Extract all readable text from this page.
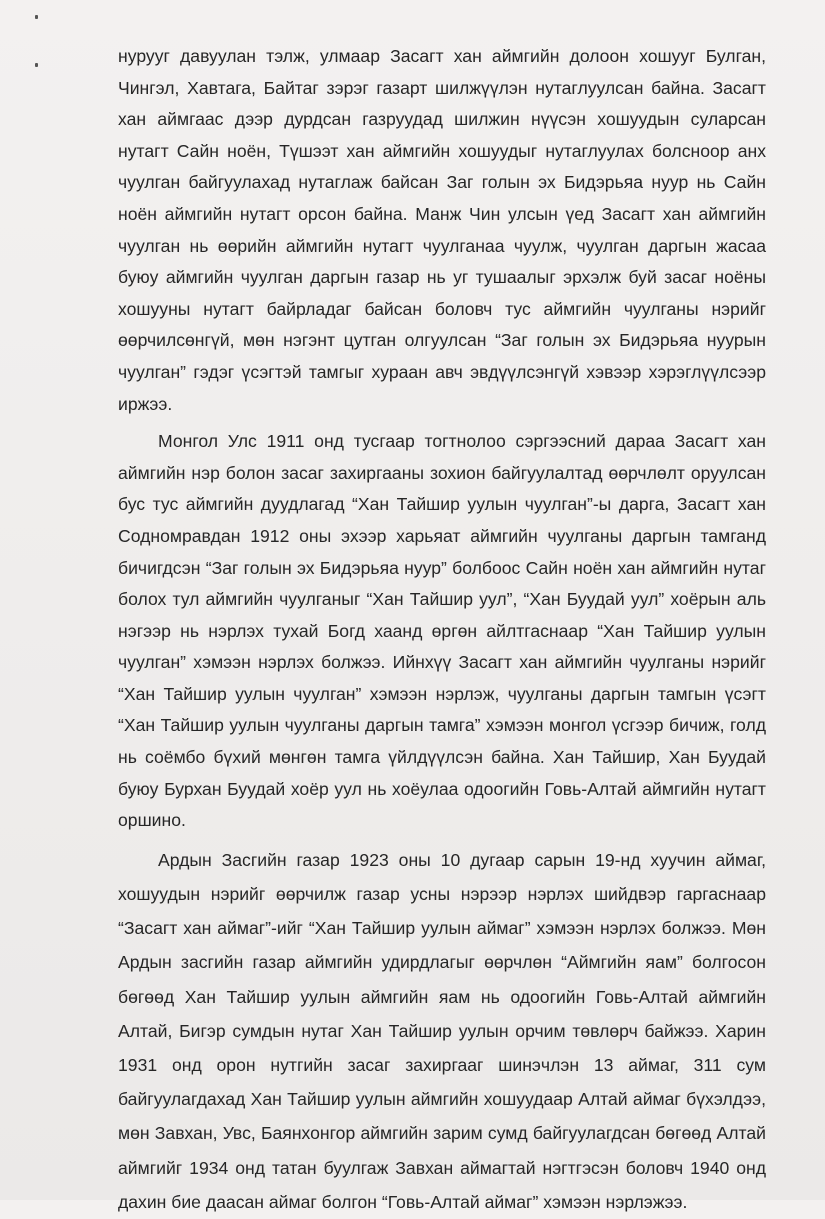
нурууг давуулан тэлж, улмаар Засагт хан аймгийн долоон хошууг Булган, Чингэл, Хавтага, Байтаг зэрэг газарт шилжүүлэн нутаглуулсан байна. Засагт хан аймгаас дээр дурдсан газруудад шилжин нүүсэн хошуудын суларсан нутагт Сайн ноён, Түшээт хан аймгийн хошуудыг нутаглуулах болсноор анх чуулган байгуулахад нутаглаж байсан Заг голын эх Бидэрьяа нуур нь Сайн ноён аймгийн нутагт орсон байна. Манж Чин улсын үед Засагт хан аймгийн чуулган нь өөрийн аймгийн нутагт чуулганаа чуулж, чуулган даргын жасаа буюу аймгийн чуулган даргын газар нь уг тушаалыг эрхэлж буй засаг ноёны хошууны нутагт байрладаг байсан боловч тус аймгийн чуулганы нэрийг өөрчилсөнгүй, мөн нэгэнт цутган олгуулсан “Заг голын эх Бидэрьяа нуурын чуулган” гэдэг үсэгтэй тамгыг хураан авч эвдүүлсэнгүй хэвээр хэрэглүүлсээр иржээ.

Монгол Улс 1911 онд тусгаар тогтнолоо сэргээсний дараа Засагт хан аймгийн нэр болон засаг захиргааны зохион байгуулалтад өөрчлөлт оруулсан бус тус аймгийн дуудлагад “Хан Тайшир уулын чуулган”-ы дарга, Засагт хан Содномравдан 1912 оны эхээр харьяат аймгийн чуулганы даргын тамганд бичигдсэн “Заг голын эх Бидэрьяа нуур” болбоос Сайн ноён хан аймгийн нутаг болох тул аймгийн чуулганыг “Хан Тайшир уул”, “Хан Буудай уул” хоёрын аль нэгээр нь нэрлэх тухай Богд хаанд өргөн айлтгаснаар “Хан Тайшир уулын чуулган” хэмээн нэрлэх болжээ. Ийнхүү Засагт хан аймгийн чуулганы нэрийг “Хан Тайшир уулын чуулган” хэмээн нэрлэж, чуулганы даргын тамгын үсэгт “Хан Тайшир уулын чуулганы даргын тамга” хэмээн монгол үсгээр бичиж, голд нь соёмбо бүхий мөнгөн тамга үйлдүүлсэн байна. Хан Тайшир, Хан Буудай буюу Бурхан Буудай хоёр уул нь хоёулаа одоогийн Говь-Алтай аймгийн нутагт оршино.

Ардын Засгийн газар 1923 оны 10 дугаар сарын 19-нд хуучин аймаг, хошуудын нэрийг өөрчилж газар усны нэрээр нэрлэх шийдвэр гаргаснаар “Засагт хан аймаг”-ийг “Хан Тайшир уулын аймаг” хэмээн нэрлэх болжээ. Мөн Ардын засгийн газар аймгийн удирдлагыг өөрчлөн “Аймгийн яам” болгосон бөгөөд Хан Тайшир уулын аймгийн яам нь одоогийн Говь-Алтай аймгийн Алтай, Бигэр сумдын нутаг Хан Тайшир уулын орчим төвлөрч байжээ. Харин 1931 онд орон нутгийн засаг захиргааг шинэчлэн 13 аймаг, 311 сум байгуулагдахад Хан Тайшир уулын аймгийн хошуудаар Алтай аймаг бүхэлдээ, мөн Завхан, Увс, Баянхонгор аймгийн зарим сумд байгуулагдсан бөгөөд Алтай аймгийг 1934 онд татан буулгаж Завхан аймагтай нэгтгэсэн боловч 1940 онд дахин бие даасан аймаг болгон “Говь-Алтай аймаг” хэмээн нэрлэжээ.
